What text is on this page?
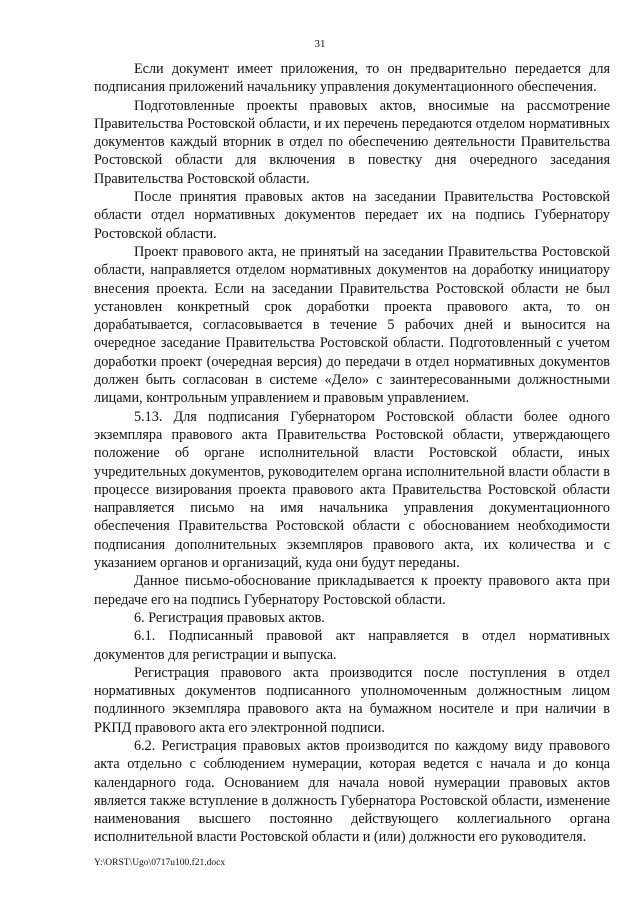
31

Если документ имеет приложения, то он предварительно передается для подписания приложений начальнику управления документационного обеспечения.

Подготовленные проекты правовых актов, вносимые на рассмотрение Правительства Ростовской области, и их перечень передаются отделом нормативных документов каждый вторник в отдел по обеспечению деятельности Правительства Ростовской области для включения в повестку дня очередного заседания Правительства Ростовской области.

После принятия правовых актов на заседании Правительства Ростовской области отдел нормативных документов передает их на подпись Губернатору Ростовской области.

Проект правового акта, не принятый на заседании Правительства Ростовской области, направляется отделом нормативных документов на доработку инициатору внесения проекта. Если на заседании Правительства Ростовской области не был установлен конкретный срок доработки проекта правового акта, то он дорабатывается, согласовывается в течение 5 рабочих дней и выносится на очередное заседание Правительства Ростовской области. Подготовленный с учетом доработки проект (очередная версия) до передачи в отдел нормативных документов должен быть согласован в системе «Дело» с заинтересованными должностными лицами, контрольным управлением и правовым управлением.

5.13. Для подписания Губернатором Ростовской области более одного экземпляра правового акта Правительства Ростовской области, утверждающего положение об органе исполнительной власти Ростовской области, иных учредительных документов, руководителем органа исполнительной власти области в процессе визирования проекта правового акта Правительства Ростовской области направляется письмо на имя начальника управления документационного обеспечения Правительства Ростовской области с обоснованием необходимости подписания дополнительных экземпляров правового акта, их количества и с указанием органов и организаций, куда они будут переданы.

Данное письмо-обоснование прикладывается к проекту правового акта при передаче его на подпись Губернатору Ростовской области.

6. Регистрация правовых актов.

6.1. Подписанный правовой акт направляется в отдел нормативных документов для регистрации и выпуска.

Регистрация правового акта производится после поступления в отдел нормативных документов подписанного уполномоченным должностным лицом подлинного экземпляра правового акта на бумажном носителе и при наличии в РКПД правового акта его электронной подписи.

6.2. Регистрация правовых актов производится по каждому виду правового акта отдельно с соблюдением нумерации, которая ведется с начала и до конца календарного года. Основанием для начала новой нумерации правовых актов является также вступление в должность Губернатора Ростовской области, изменение наименования высшего постоянно действующего коллегиального органа исполнительной власти Ростовской области и (или) должности его руководителя.

Y:\ORST\Ugo\0717u100.f21.docx
